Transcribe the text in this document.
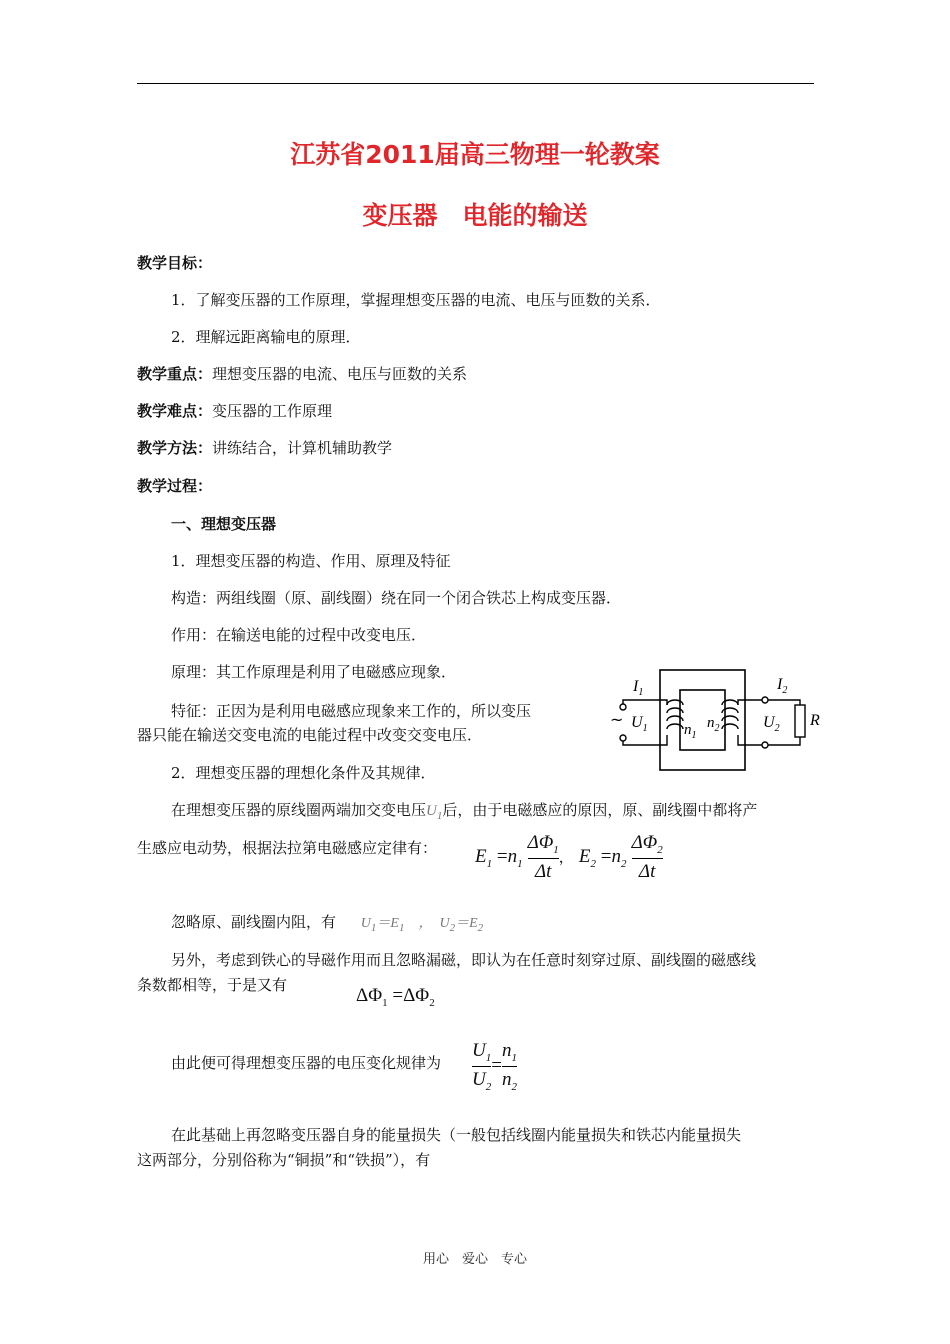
江苏省2011届高三物理一轮教案
变压器　电能的输送
教学目标：
1．了解变压器的工作原理，掌握理想变压器的电流、电压与匝数的关系．
2．理解远距离输电的原理．
教学重点：理想变压器的电流、电压与匝数的关系
教学难点：变压器的工作原理
教学方法：讲练结合，计算机辅助教学
教学过程：
一、理想变压器
1．理想变压器的构造、作用、原理及特征
构造：两组线圈（原、副线圈）绕在同一个闭合铁芯上构成变压器．
作用：在输送电能的过程中改变电压．
原理：其工作原理是利用了电磁感应现象．
特征：正因为是利用电磁感应现象来工作的，所以变压
器只能在输送交变电流的电能过程中改变交变电压．
$I_1$
$U_1$
~
$n_1$
$n_2$	$U_2$
$I_2$
R
2．理想变压器的理想化条件及其规律．
在理想变压器的原线圈两端加交变电压$U_1$后，由于电磁感应的原因，原、副线圈中都将产
生感应电动势，根据法拉第电磁感应定律有： $E_1 =n_1 \frac{\Delta\Phi_1}{\Delta t}$ ， $E_2 =n_2 \frac{\Delta\Phi_2}{\Delta t}$
忽略原、副线圈内阻，有 $U_1=E_1$　，　$U_2=E_2$
另外，考虑到铁心的导磁作用而且忽略漏磁，即认为在任意时刻穿过原、副线圈的磁感线
条数都相等，于是又有	$\Delta\Phi_1 =\Delta\Phi_2$
由此便可得理想变压器的电压变化规律为 $\frac{U_1}{U_2} = \frac{n_1}{n_2}$
在此基础上再忽略变压器自身的能量损失（一般包括线圈内能量损失和铁芯内能量损失
这两部分，分别俗称为“铜损”和“铁损”），有
用心　爱心　专心
